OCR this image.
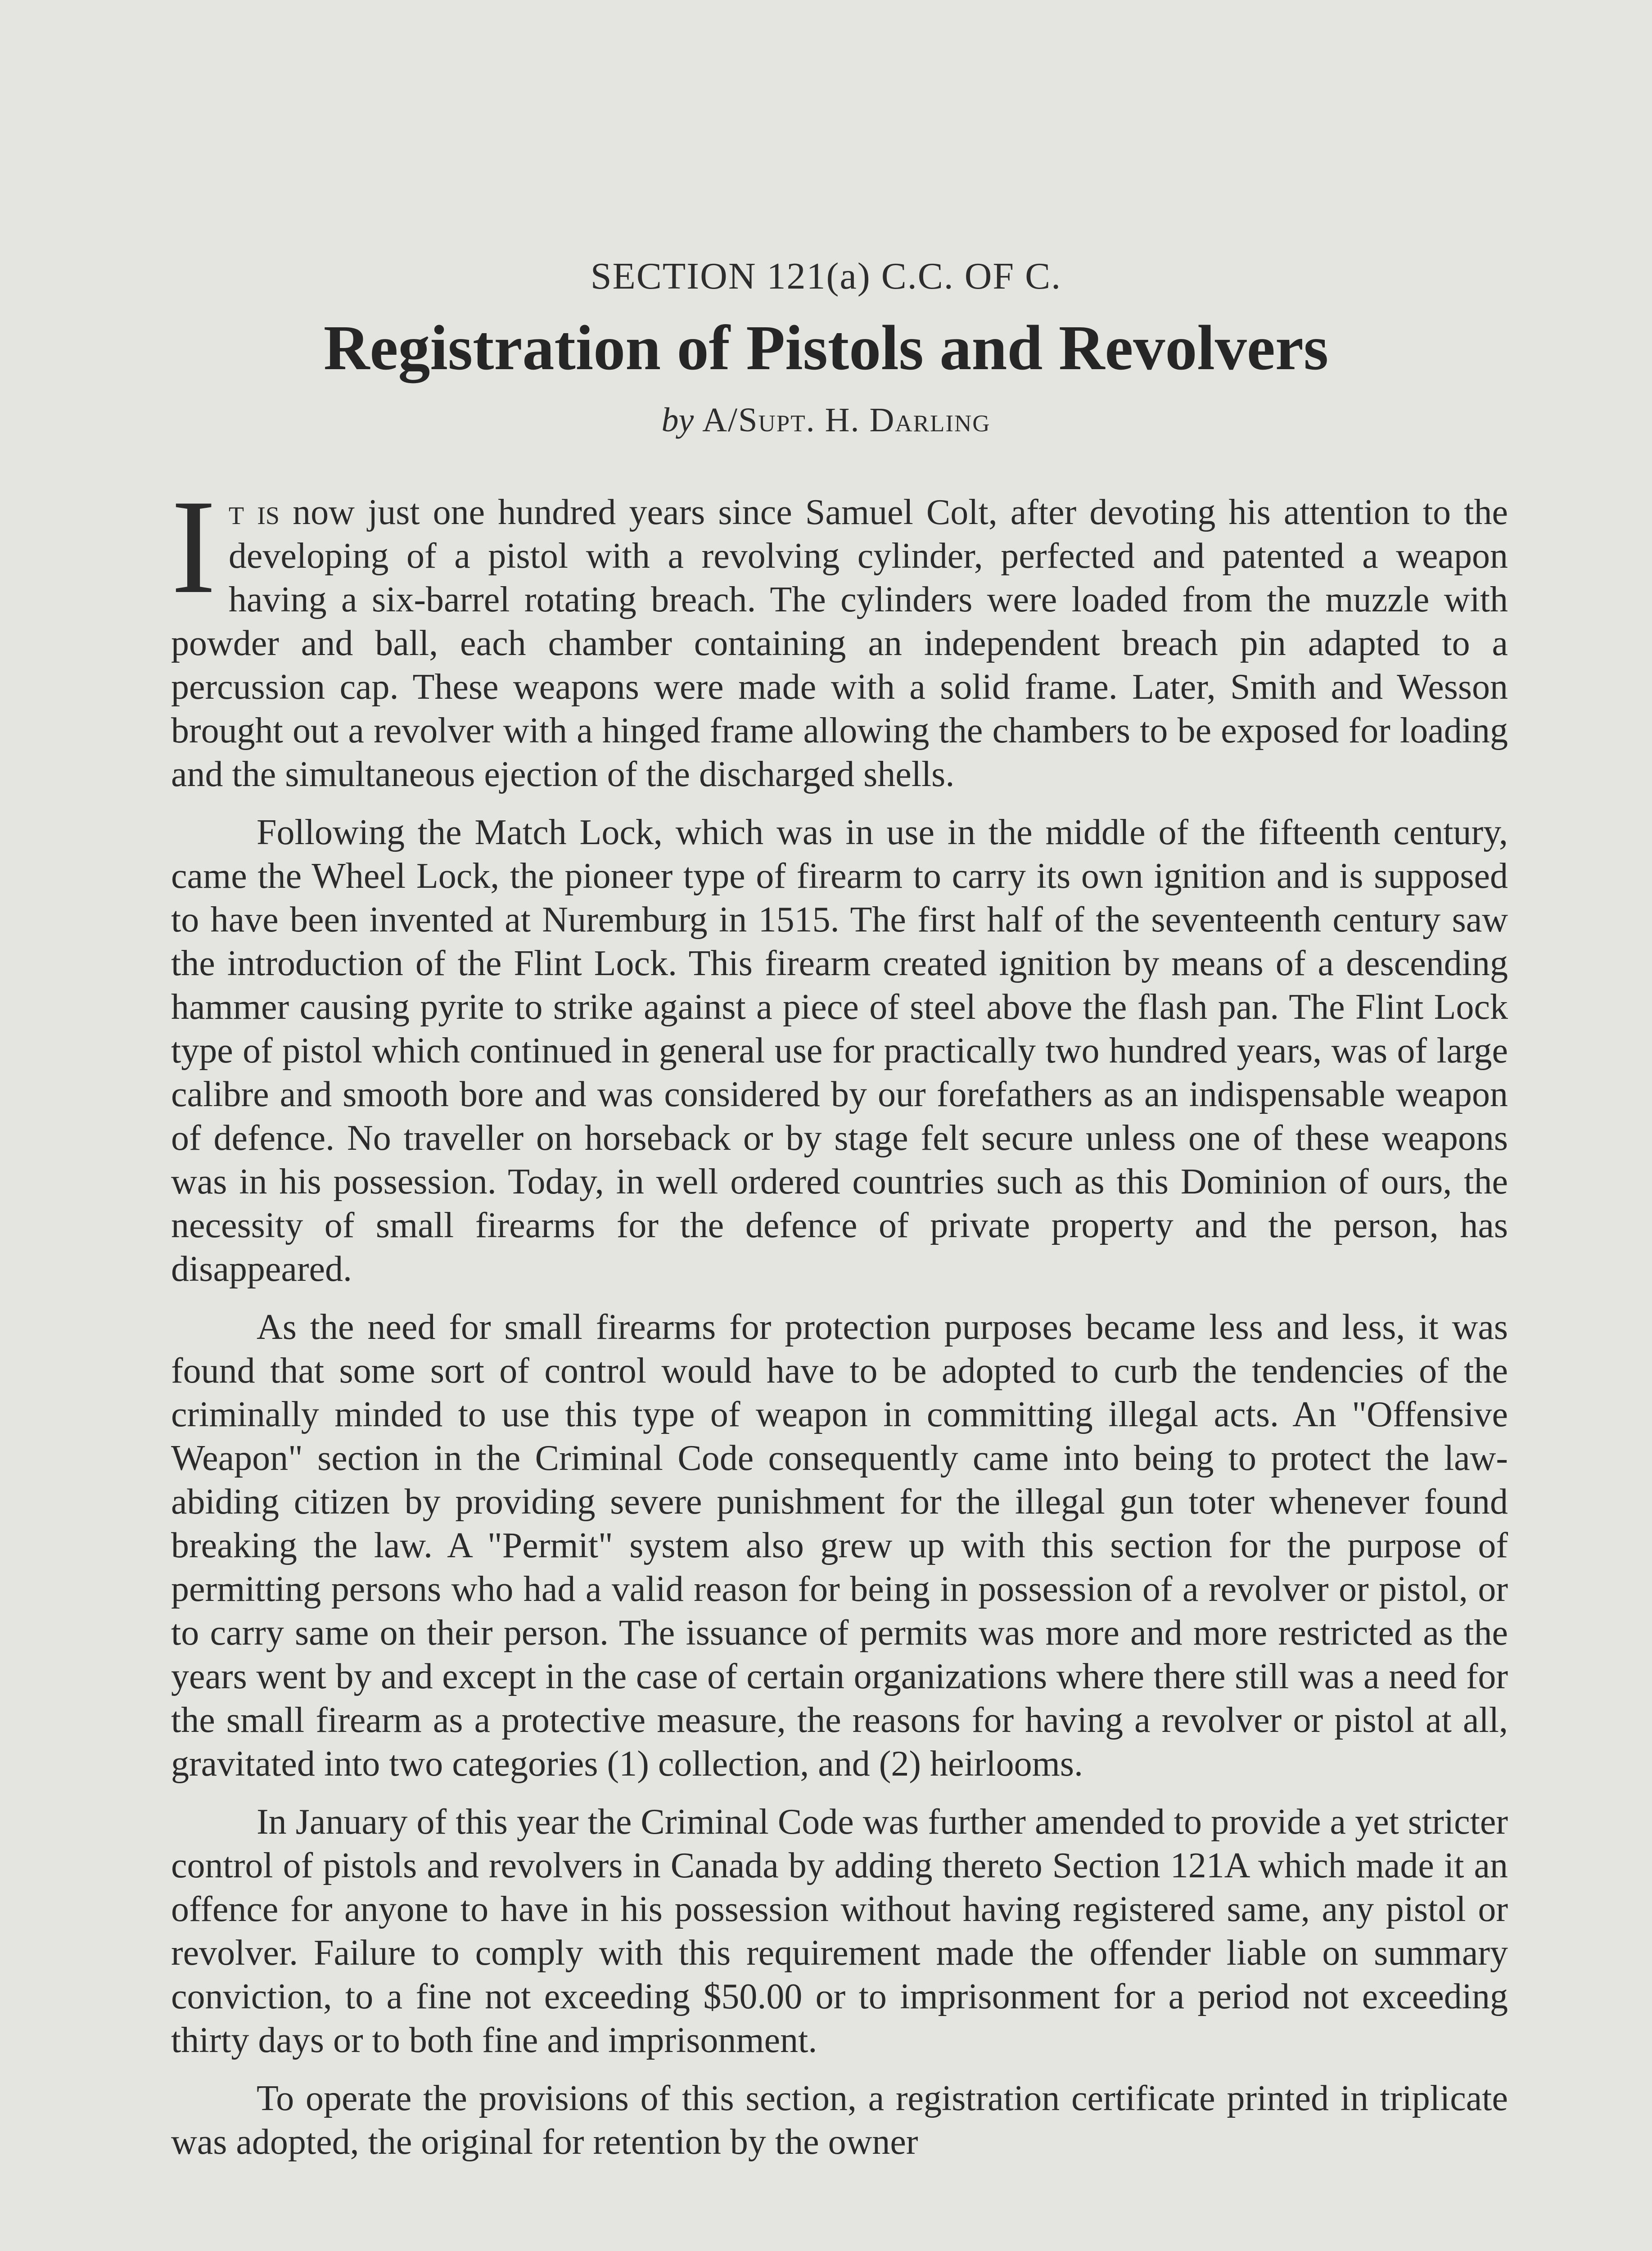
SECTION 121(a) C.C. OF C.
Registration of Pistols and Revolvers
by A/Supt. H. Darling

It is now just one hundred years since Samuel Colt, after devoting his attention to the developing of a pistol with a revolving cylinder, perfected and patented a weapon having a six-barrel rotating breach. The cylinders were loaded from the muzzle with powder and ball, each chamber containing an independent breach pin adapted to a percussion cap. These weapons were made with a solid frame. Later, Smith and Wesson brought out a revolver with a hinged frame allowing the chambers to be exposed for loading and the simultaneous ejection of the discharged shells.

Following the Match Lock, which was in use in the middle of the fifteenth century, came the Wheel Lock, the pioneer type of firearm to carry its own ignition and is supposed to have been invented at Nuremburg in 1515. The first half of the seventeenth century saw the introduction of the Flint Lock. This firearm created ignition by means of a descending hammer causing pyrite to strike against a piece of steel above the flash pan. The Flint Lock type of pistol which continued in general use for practically two hundred years, was of large calibre and smooth bore and was considered by our forefathers as an indispensable weapon of defence. No traveller on horseback or by stage felt secure unless one of these weapons was in his possession. Today, in well ordered countries such as this Dominion of ours, the necessity of small firearms for the defence of private property and the person, has disappeared.

As the need for small firearms for protection purposes became less and less, it was found that some sort of control would have to be adopted to curb the tendencies of the criminally minded to use this type of weapon in committing illegal acts. An "Offensive Weapon" section in the Criminal Code consequently came into being to protect the law-abiding citizen by providing severe punishment for the illegal gun toter whenever found breaking the law. A "Permit" system also grew up with this section for the purpose of permitting persons who had a valid reason for being in possession of a revolver or pistol, or to carry same on their person. The issuance of permits was more and more restricted as the years went by and except in the case of certain organizations where there still was a need for the small firearm as a protective measure, the reasons for having a revolver or pistol at all, gravitated into two categories (1) collection, and (2) heirlooms.

In January of this year the Criminal Code was further amended to provide a yet stricter control of pistols and revolvers in Canada by adding thereto Section 121A which made it an offence for anyone to have in his possession without having registered same, any pistol or revolver. Failure to comply with this requirement made the offender liable on summary conviction, to a fine not exceeding $50.00 or to imprisonment for a period not exceeding thirty days or to both fine and imprisonment.

To operate the provisions of this section, a registration certificate printed in triplicate was adopted, the original for retention by the owner
